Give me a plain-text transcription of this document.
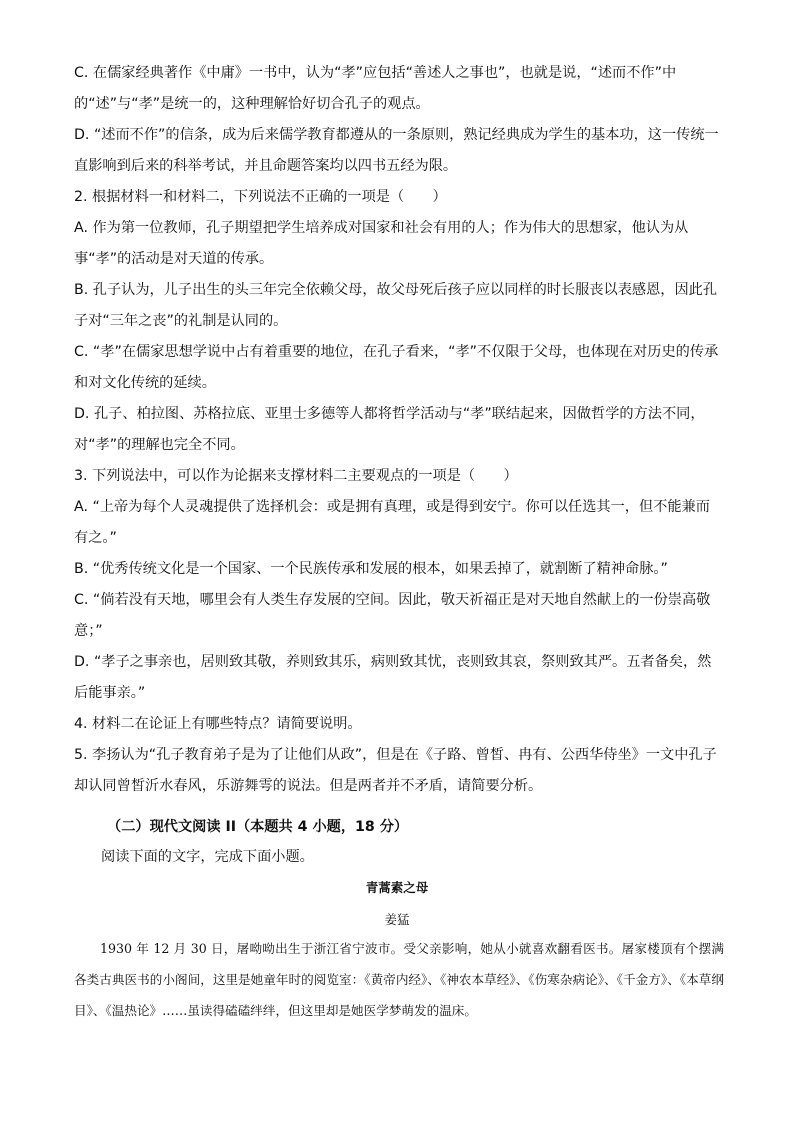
C. 在儒家经典著作《中庸》一书中，认为“孝”应包括“善述人之事也”，也就是说，“述而不作”中的“述”与“孝”是统一的，这种理解恰好切合孔子的观点。

D. “述而不作”的信条，成为后来儒学教育都遵从的一条原则，熟记经典成为学生的基本功，这一传统一直影响到后来的科举考试，并且命题答案均以四书五经为限。

2. 根据材料一和材料二，下列说法不正确的一项是（　　）

A. 作为第一位教师，孔子期望把学生培养成对国家和社会有用的人；作为伟大的思想家，他认为从事“孝”的活动是对天道的传承。

B. 孔子认为，儿子出生的头三年完全依赖父母，故父母死后孩子应以同样的时长服丧以表感恩，因此孔子对“三年之丧”的礼制是认同的。

C. “孝”在儒家思想学说中占有着重要的地位，在孔子看来，“孝”不仅限于父母，也体现在对历史的传承和对文化传统的延续。

D. 孔子、柏拉图、苏格拉底、亚里士多德等人都将哲学活动与“孝”联结起来，因做哲学的方法不同，对“孝”的理解也完全不同。

3. 下列说法中，可以作为论据来支撑材料二主要观点的一项是（　　）

A. “上帝为每个人灵魂提供了选择机会：或是拥有真理，或是得到安宁。你可以任选其一，但不能兼而有之。”

B. “优秀传统文化是一个国家、一个民族传承和发展的根本，如果丢掉了，就割断了精神命脉。”

C. “倘若没有天地，哪里会有人类生存发展的空间。因此，敬天祈福正是对天地自然献上的一份崇高敬意；”

D. “孝子之事亲也，居则致其敬，养则致其乐，病则致其忧，丧则致其哀，祭则致其严。五者备矣，然后能事亲。”

4. 材料二在论证上有哪些特点？请简要说明。

5. 李扬认为“孔子教育弟子是为了让他们从政”，但是在《子路、曾皙、冉有、公西华侍坐》一文中孔子却认同曾皙沂水春风，乐游舞雩的说法。但是两者并不矛盾，请简要分析。

（二）现代文阅读 II（本题共 4 小题，18 分）

阅读下面的文字，完成下面小题。

青蒿素之母

姜猛

1930 年 12 月 30 日，屠呦呦出生于浙江省宁波市。受父亲影响，她从小就喜欢翻看医书。屠家楼顶有个摆满各类古典医书的小阁间，这里是她童年时的阅览室：《黄帝内经》、《神农本草经》、《伤寒杂病论》、《千金方》、《本草纲目》、《温热论》……虽读得磕磕绊绊，但这里却是她医学梦萌发的温床。
